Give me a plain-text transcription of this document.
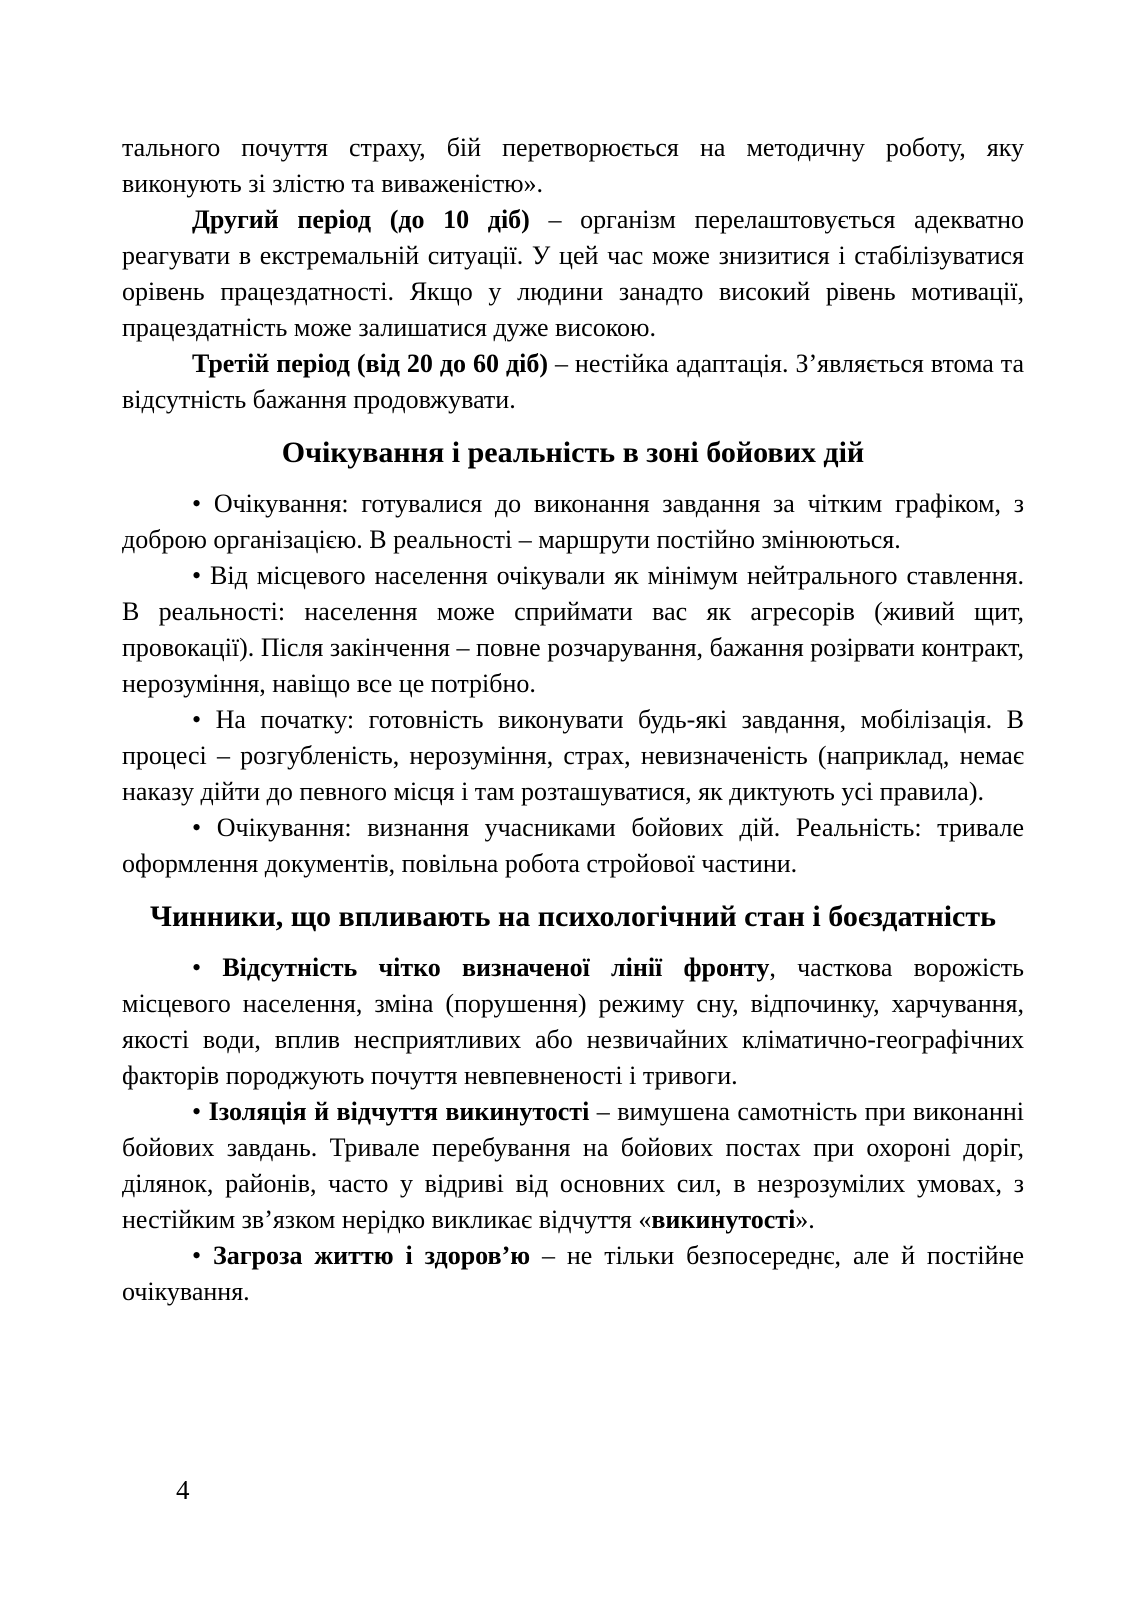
тального почуття страху, бій перетворюється на методичну роботу, яку виконують зі злістю та виваженістю».

Другий період (до 10 діб) – організм перелаштовується адекватно реагувати в екстремальній ситуації. У цей час може знизитися і стабілізуватися орівень працездатності. Якщо у людини занадто високий рівень мотивації, працездатність може залишатися дуже високою.

Третій період (від 20 до 60 діб) – нестійка адаптація. З’являється втома та відсутність бажання продовжувати.

Очікування і реальність в зоні бойових дій

• Очікування: готувалися до виконання завдання за чітким графіком, з доброю організацією. В реальності – маршрути постійно змінюються.

• Від місцевого населення очікували як мінімум нейтрального ставлення. В реальності: населення може сприймати вас як агресорів (живий щит, провокації). Після закінчення – повне розчарування, бажання розірвати контракт, нерозуміння, навіщо все це потрібно.

• На початку: готовність виконувати будь-які завдання, мобілізація. В процесі – розгубленість, нерозуміння, страх, невизначеність (наприклад, немає наказу дійти до певного місця і там розташуватися, як диктують усі правила).

• Очікування: визнання учасниками бойових дій. Реальність: тривале оформлення документів, повільна робота стройової частини.

Чинники, що впливають на психологічний стан і боєздатність

• Відсутність чітко визначеної лінії фронту, часткова ворожість місцевого населення, зміна (порушення) режиму сну, відпочинку, харчування, якості води, вплив несприятливих або незвичайних кліматично-географічних факторів породжують почуття невпевненості і тривоги.

• Ізоляція й відчуття викинутості – вимушена самотність при виконанні бойових завдань. Тривале перебування на бойових постах при охороні доріг, ділянок, районів, часто у відриві від основних сил, в незрозумілих умовах, з нестійким зв’язком нерідко викликає відчуття «викинутості».

• Загроза життю і здоров’ю – не тільки безпосереднє, але й постійне очікування.

4
